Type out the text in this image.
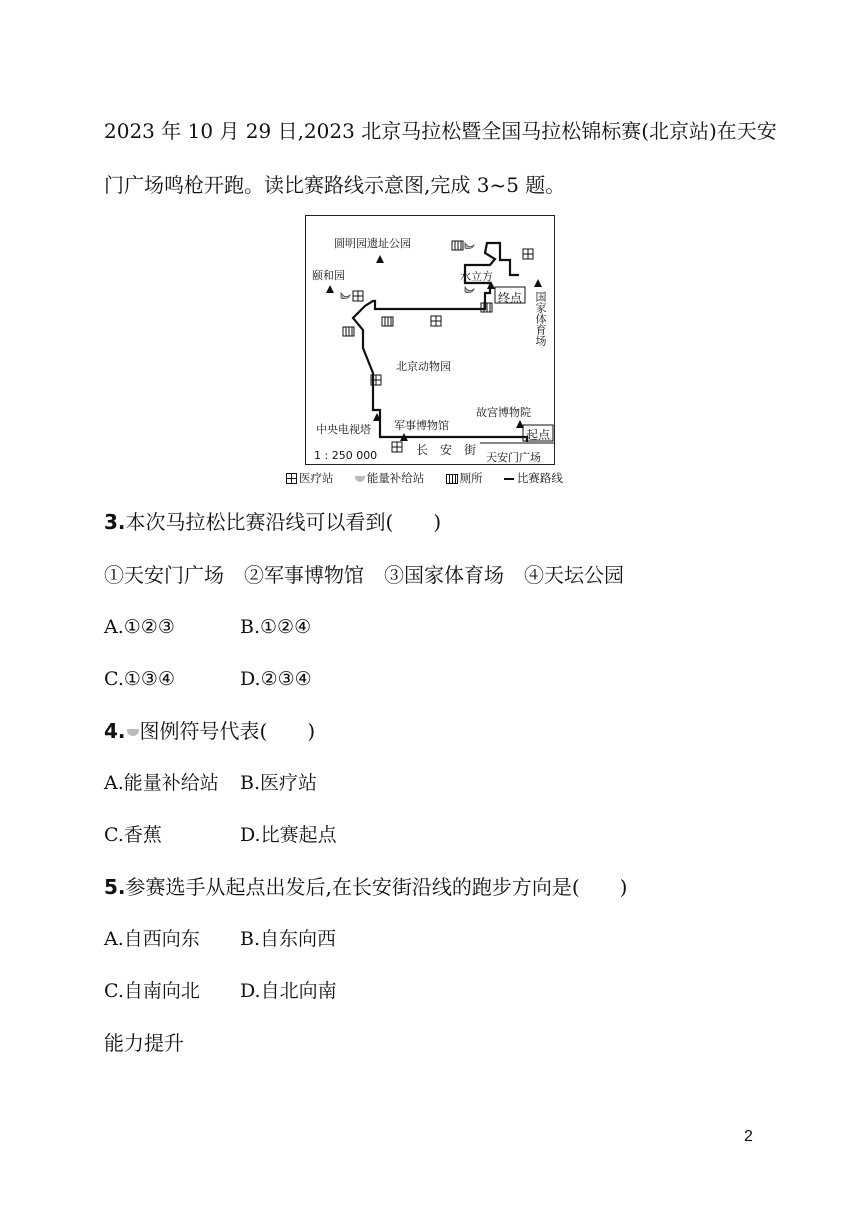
2023 年 10 月 29 日,2023 北京马拉松暨全国马拉松锦标赛(北京站)在天安
门广场鸣枪开跑。读比赛路线示意图,完成 3~5 题。
圆明园遗址公园
颐和园	水立方
终点 国家体育场
北京动物园
中央电视塔 军事博物馆
故宫博物院
起点
长　安　街
天安门广场
1 : 250 000
医疗站	能量补给站	厕所	比赛路线
3.本次马拉松比赛沿线可以看到(　　)
①天安门广场　②军事博物馆　③国家体育场　④天坛公园
A.①②③	B.①②④
C.①③④	D.②③④
4. 图例符号代表(　　)
A.能量补给站 B.医疗站
C.香蕉	D.比赛起点
5.参赛选手从起点出发后,在长安街沿线的跑步方向是(　　)
A.自西向东 B.自东向西
C.自南向北 D.自北向南
能力提升
2
